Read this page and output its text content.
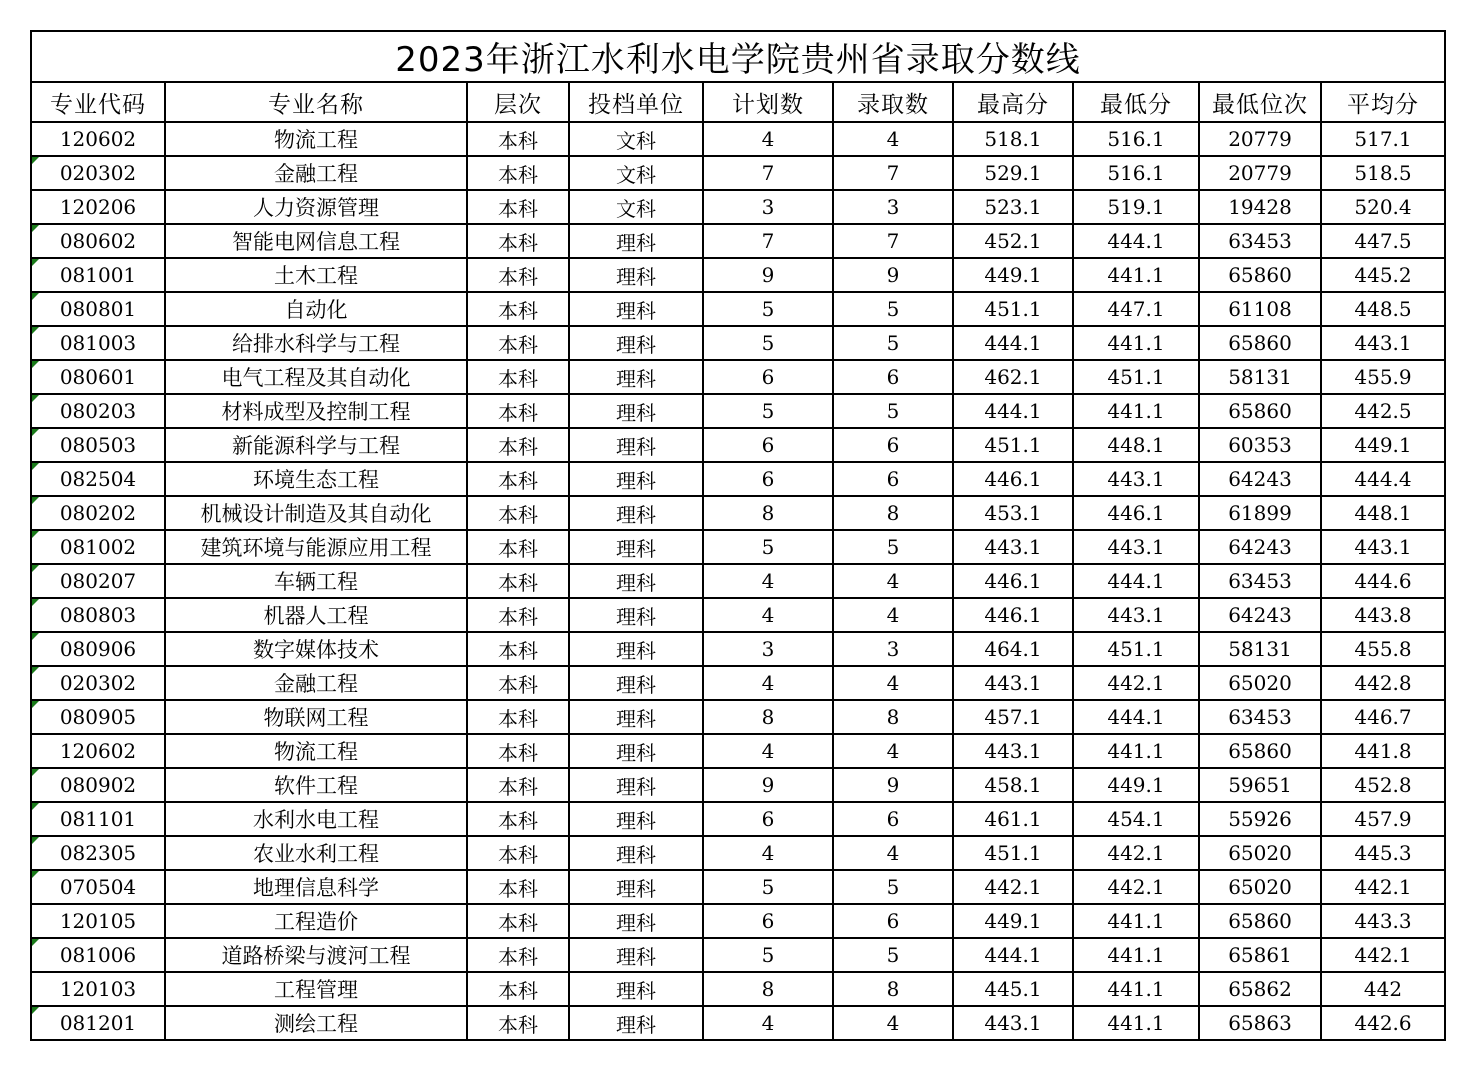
2023年浙江水利水电学院贵州省录取分数线									
专业代码	专业名称	层次	投档单位	计划数	录取数	最高分	最低分	最低位次	平均分
120602	物流工程	本科	文科	4	4	518.1	516.1	20779	517.1
020302	金融工程	本科	文科	7	7	529.1	516.1	20779	518.5
120206	人力资源管理	本科	文科	3	3	523.1	519.1	19428	520.4
080602	智能电网信息工程	本科	理科	7	7	452.1	444.1	63453	447.5
081001	土木工程	本科	理科	9	9	449.1	441.1	65860	445.2
080801	自动化	本科	理科	5	5	451.1	447.1	61108	448.5
081003	给排水科学与工程	本科	理科	5	5	444.1	441.1	65860	443.1
080601	电气工程及其自动化	本科	理科	6	6	462.1	451.1	58131	455.9
080203	材料成型及控制工程	本科	理科	5	5	444.1	441.1	65860	442.5
080503	新能源科学与工程	本科	理科	6	6	451.1	448.1	60353	449.1
082504	环境生态工程	本科	理科	6	6	446.1	443.1	64243	444.4
080202	机械设计制造及其自动化	本科	理科	8	8	453.1	446.1	61899	448.1
081002	建筑环境与能源应用工程	本科	理科	5	5	443.1	443.1	64243	443.1
080207	车辆工程	本科	理科	4	4	446.1	444.1	63453	444.6
080803	机器人工程	本科	理科	4	4	446.1	443.1	64243	443.8
080906	数字媒体技术	本科	理科	3	3	464.1	451.1	58131	455.8
020302	金融工程	本科	理科	4	4	443.1	442.1	65020	442.8
080905	物联网工程	本科	理科	8	8	457.1	444.1	63453	446.7
120602	物流工程	本科	理科	4	4	443.1	441.1	65860	441.8
080902	软件工程	本科	理科	9	9	458.1	449.1	59651	452.8
081101	水利水电工程	本科	理科	6	6	461.1	454.1	55926	457.9
082305	农业水利工程	本科	理科	4	4	451.1	442.1	65020	445.3
070504	地理信息科学	本科	理科	5	5	442.1	442.1	65020	442.1
120105	工程造价	本科	理科	6	6	449.1	441.1	65860	443.3
081006	道路桥梁与渡河工程	本科	理科	5	5	444.1	441.1	65861	442.1
120103	工程管理	本科	理科	8	8	445.1	441.1	65862	442
081201	测绘工程	本科	理科	4	4	443.1	441.1	65863	442.6
